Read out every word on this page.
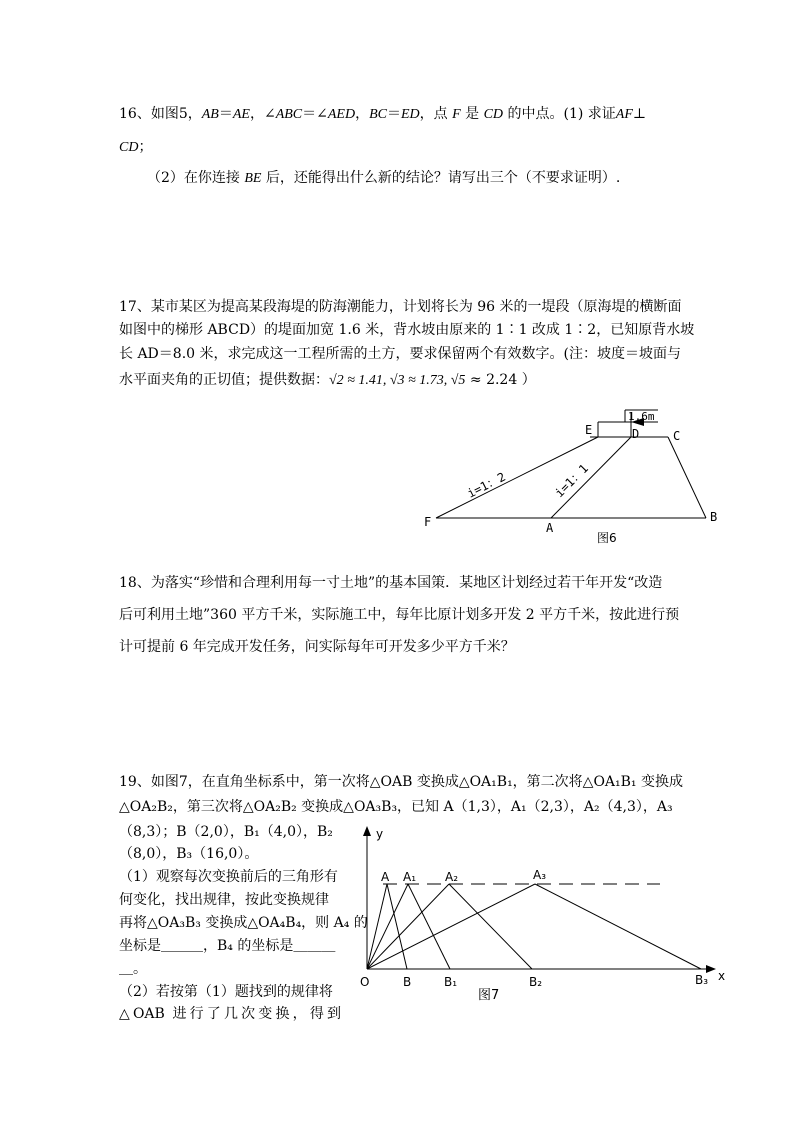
16、如图5，AB＝AE，∠ABC＝∠AED，BC＝ED，点 F 是 CD 的中点。(1) 求证AF⊥
CD；
（2）在你连接 BE 后，还能得出什么新的结论？请写出三个（不要求证明）.
17、某市某区为提高某段海堤的防海潮能力，计划将长为 96 米的一堤段（原海堤的横断面
如图中的梯形 ABCD）的堤面加宽 1.6 米，背水坡由原来的 1∶1 改成 1∶2，已知原背水坡
长 AD＝8.0 米，求完成这一工程所需的土方，要求保留两个有效数字。(注：坡度＝坡面与
水平面夹角的正切值；提供数据：√2 ≈ 1.41, √3 ≈ 1.73, √5 ≈ 2.24 ）
1.6m
E	D	C
F	A
B
i=1：2	i=1：1
图6
18、为落实“珍惜和合理利用每一寸土地”的基本国策．某地区计划经过若干年开发“改造
后可利用土地”360 平方千米，实际施工中，每年比原计划多开发 2 平方千米，按此进行预
计可提前 6 年完成开发任务，问实际每年可开发多少平方千米？
19、如图7，在直角坐标系中，第一次将△OAB 变换成△OA₁B₁，第二次将△OA₁B₁ 变换成
△OA₂B₂，第三次将△OA₂B₂ 变换成△OA₃B₃，已知 A（1,3），A₁（2,3），A₂（4,3），A₃
（8,3）；B（2,0），B₁（4,0），B₂
（8,0），B₃（16,0）。
（1）观察每次变换前后的三角形有
何变化，找出规律，按此变换规律
再将△OA₃B₃ 变换成△OA₄B₄，则 A₄ 的
坐标是＿＿＿，B₄ 的坐标是＿＿＿
＿。
（2）若按第（1）题找到的规律将
△OAB 进行了几次变换，得到
y
x
O
A A₁ A₂	A₃
B	B₁	B₂	B₃
图7
